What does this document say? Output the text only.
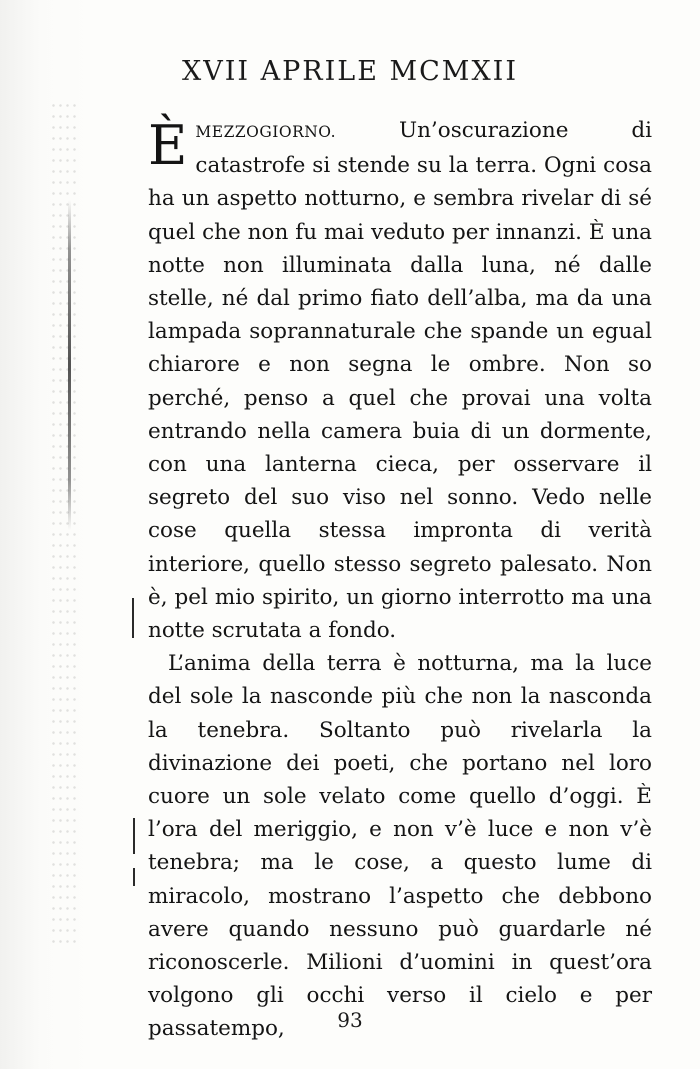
XVII APRILE MCMXII

ÈMEZZOGIORNO. Un’oscurazione di catastrofe si stende su la terra. Ogni cosa ha un aspetto notturno, e sembra rivelar di sé quel che non fu mai veduto per innanzi. È una notte non illuminata dalla luna, né dalle stelle, né dal primo fiato dell’alba, ma da una lampada soprannaturale che spande un egual chiarore e non segna le ombre. Non so perché, penso a quel che provai una volta entrando nella camera buia di un dormente, con una lanterna cieca, per osservare il segreto del suo viso nel sonno. Vedo nelle cose quella stessa impronta di verità interiore, quello stesso segreto palesato. Non è, pel mio spirito, un giorno interrotto ma una notte scrutata a fondo.

L’anima della terra è notturna, ma la luce del sole la nasconde più che non la nasconda la tenebra. Soltanto può rivelarla la divinazione dei poeti, che portano nel loro cuore un sole velato come quello d’oggi. È l’ora del meriggio, e non v’è luce e non v’è tenebra; ma le cose, a questo lume di miracolo, mostrano l’aspetto che debbono avere quando nessuno può guardarle né riconoscerle. Milioni d’uomini in quest’ora volgono gli occhi verso il cielo e per passatempo,	93
